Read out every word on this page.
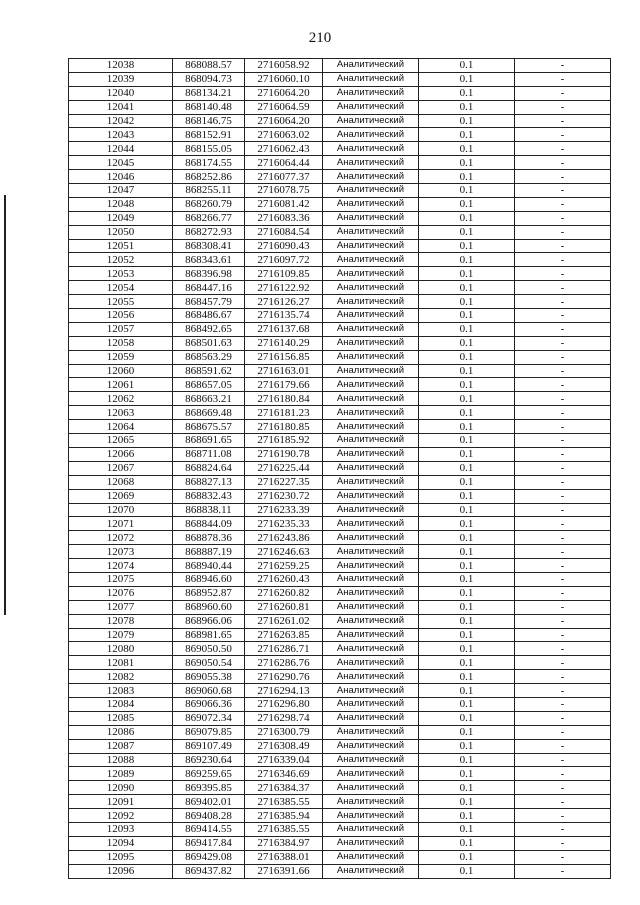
210
12038	868088.57	2716058.92	Аналитический	0.1	-
12039	868094.73	2716060.10	Аналитический	0.1	-
12040	868134.21	2716064.20	Аналитический	0.1	-
12041	868140.48	2716064.59	Аналитический	0.1	-
12042	868146.75	2716064.20	Аналитический	0.1	-
12043	868152.91	2716063.02	Аналитический	0.1	-
12044	868155.05	2716062.43	Аналитический	0.1	-
12045	868174.55	2716064.44	Аналитический	0.1	-
12046	868252.86	2716077.37	Аналитический	0.1	-
12047	868255.11	2716078.75	Аналитический	0.1	-
12048	868260.79	2716081.42	Аналитический	0.1	-
12049	868266.77	2716083.36	Аналитический	0.1	-
12050	868272.93	2716084.54	Аналитический	0.1	-
12051	868308.41	2716090.43	Аналитический	0.1	-
12052	868343.61	2716097.72	Аналитический	0.1	-
12053	868396.98	2716109.85	Аналитический	0.1	-
12054	868447.16	2716122.92	Аналитический	0.1	-
12055	868457.79	2716126.27	Аналитический	0.1	-
12056	868486.67	2716135.74	Аналитический	0.1	-
12057	868492.65	2716137.68	Аналитический	0.1	-
12058	868501.63	2716140.29	Аналитический	0.1	-
12059	868563.29	2716156.85	Аналитический	0.1	-
12060	868591.62	2716163.01	Аналитический	0.1	-
12061	868657.05	2716179.66	Аналитический	0.1	-
12062	868663.21	2716180.84	Аналитический	0.1	-
12063	868669.48	2716181.23	Аналитический	0.1	-
12064	868675.57	2716180.85	Аналитический	0.1	-
12065	868691.65	2716185.92	Аналитический	0.1	-
12066	868711.08	2716190.78	Аналитический	0.1	-
12067	868824.64	2716225.44	Аналитический	0.1	-
12068	868827.13	2716227.35	Аналитический	0.1	-
12069	868832.43	2716230.72	Аналитический	0.1	-
12070	868838.11	2716233.39	Аналитический	0.1	-
12071	868844.09	2716235.33	Аналитический	0.1	-
12072	868878.36	2716243.86	Аналитический	0.1	-
12073	868887.19	2716246.63	Аналитический	0.1	-
12074	868940.44	2716259.25	Аналитический	0.1	-
12075	868946.60	2716260.43	Аналитический	0.1	-
12076	868952.87	2716260.82	Аналитический	0.1	-
12077	868960.60	2716260.81	Аналитический	0.1	-
12078	868966.06	2716261.02	Аналитический	0.1	-
12079	868981.65	2716263.85	Аналитический	0.1	-
12080	869050.50	2716286.71	Аналитический	0.1	-
12081	869050.54	2716286.76	Аналитический	0.1	-
12082	869055.38	2716290.76	Аналитический	0.1	-
12083	869060.68	2716294.13	Аналитический	0.1	-
12084	869066.36	2716296.80	Аналитический	0.1	-
12085	869072.34	2716298.74	Аналитический	0.1	-
12086	869079.85	2716300.79	Аналитический	0.1	-
12087	869107.49	2716308.49	Аналитический	0.1	-
12088	869230.64	2716339.04	Аналитический	0.1	-
12089	869259.65	2716346.69	Аналитический	0.1	-
12090	869395.85	2716384.37	Аналитический	0.1	-
12091	869402.01	2716385.55	Аналитический	0.1	-
12092	869408.28	2716385.94	Аналитический	0.1	-
12093	869414.55	2716385.55	Аналитический	0.1	-
12094	869417.84	2716384.97	Аналитический	0.1	-
12095	869429.08	2716388.01	Аналитический	0.1	-
12096	869437.82	2716391.66	Аналитический	0.1	-
